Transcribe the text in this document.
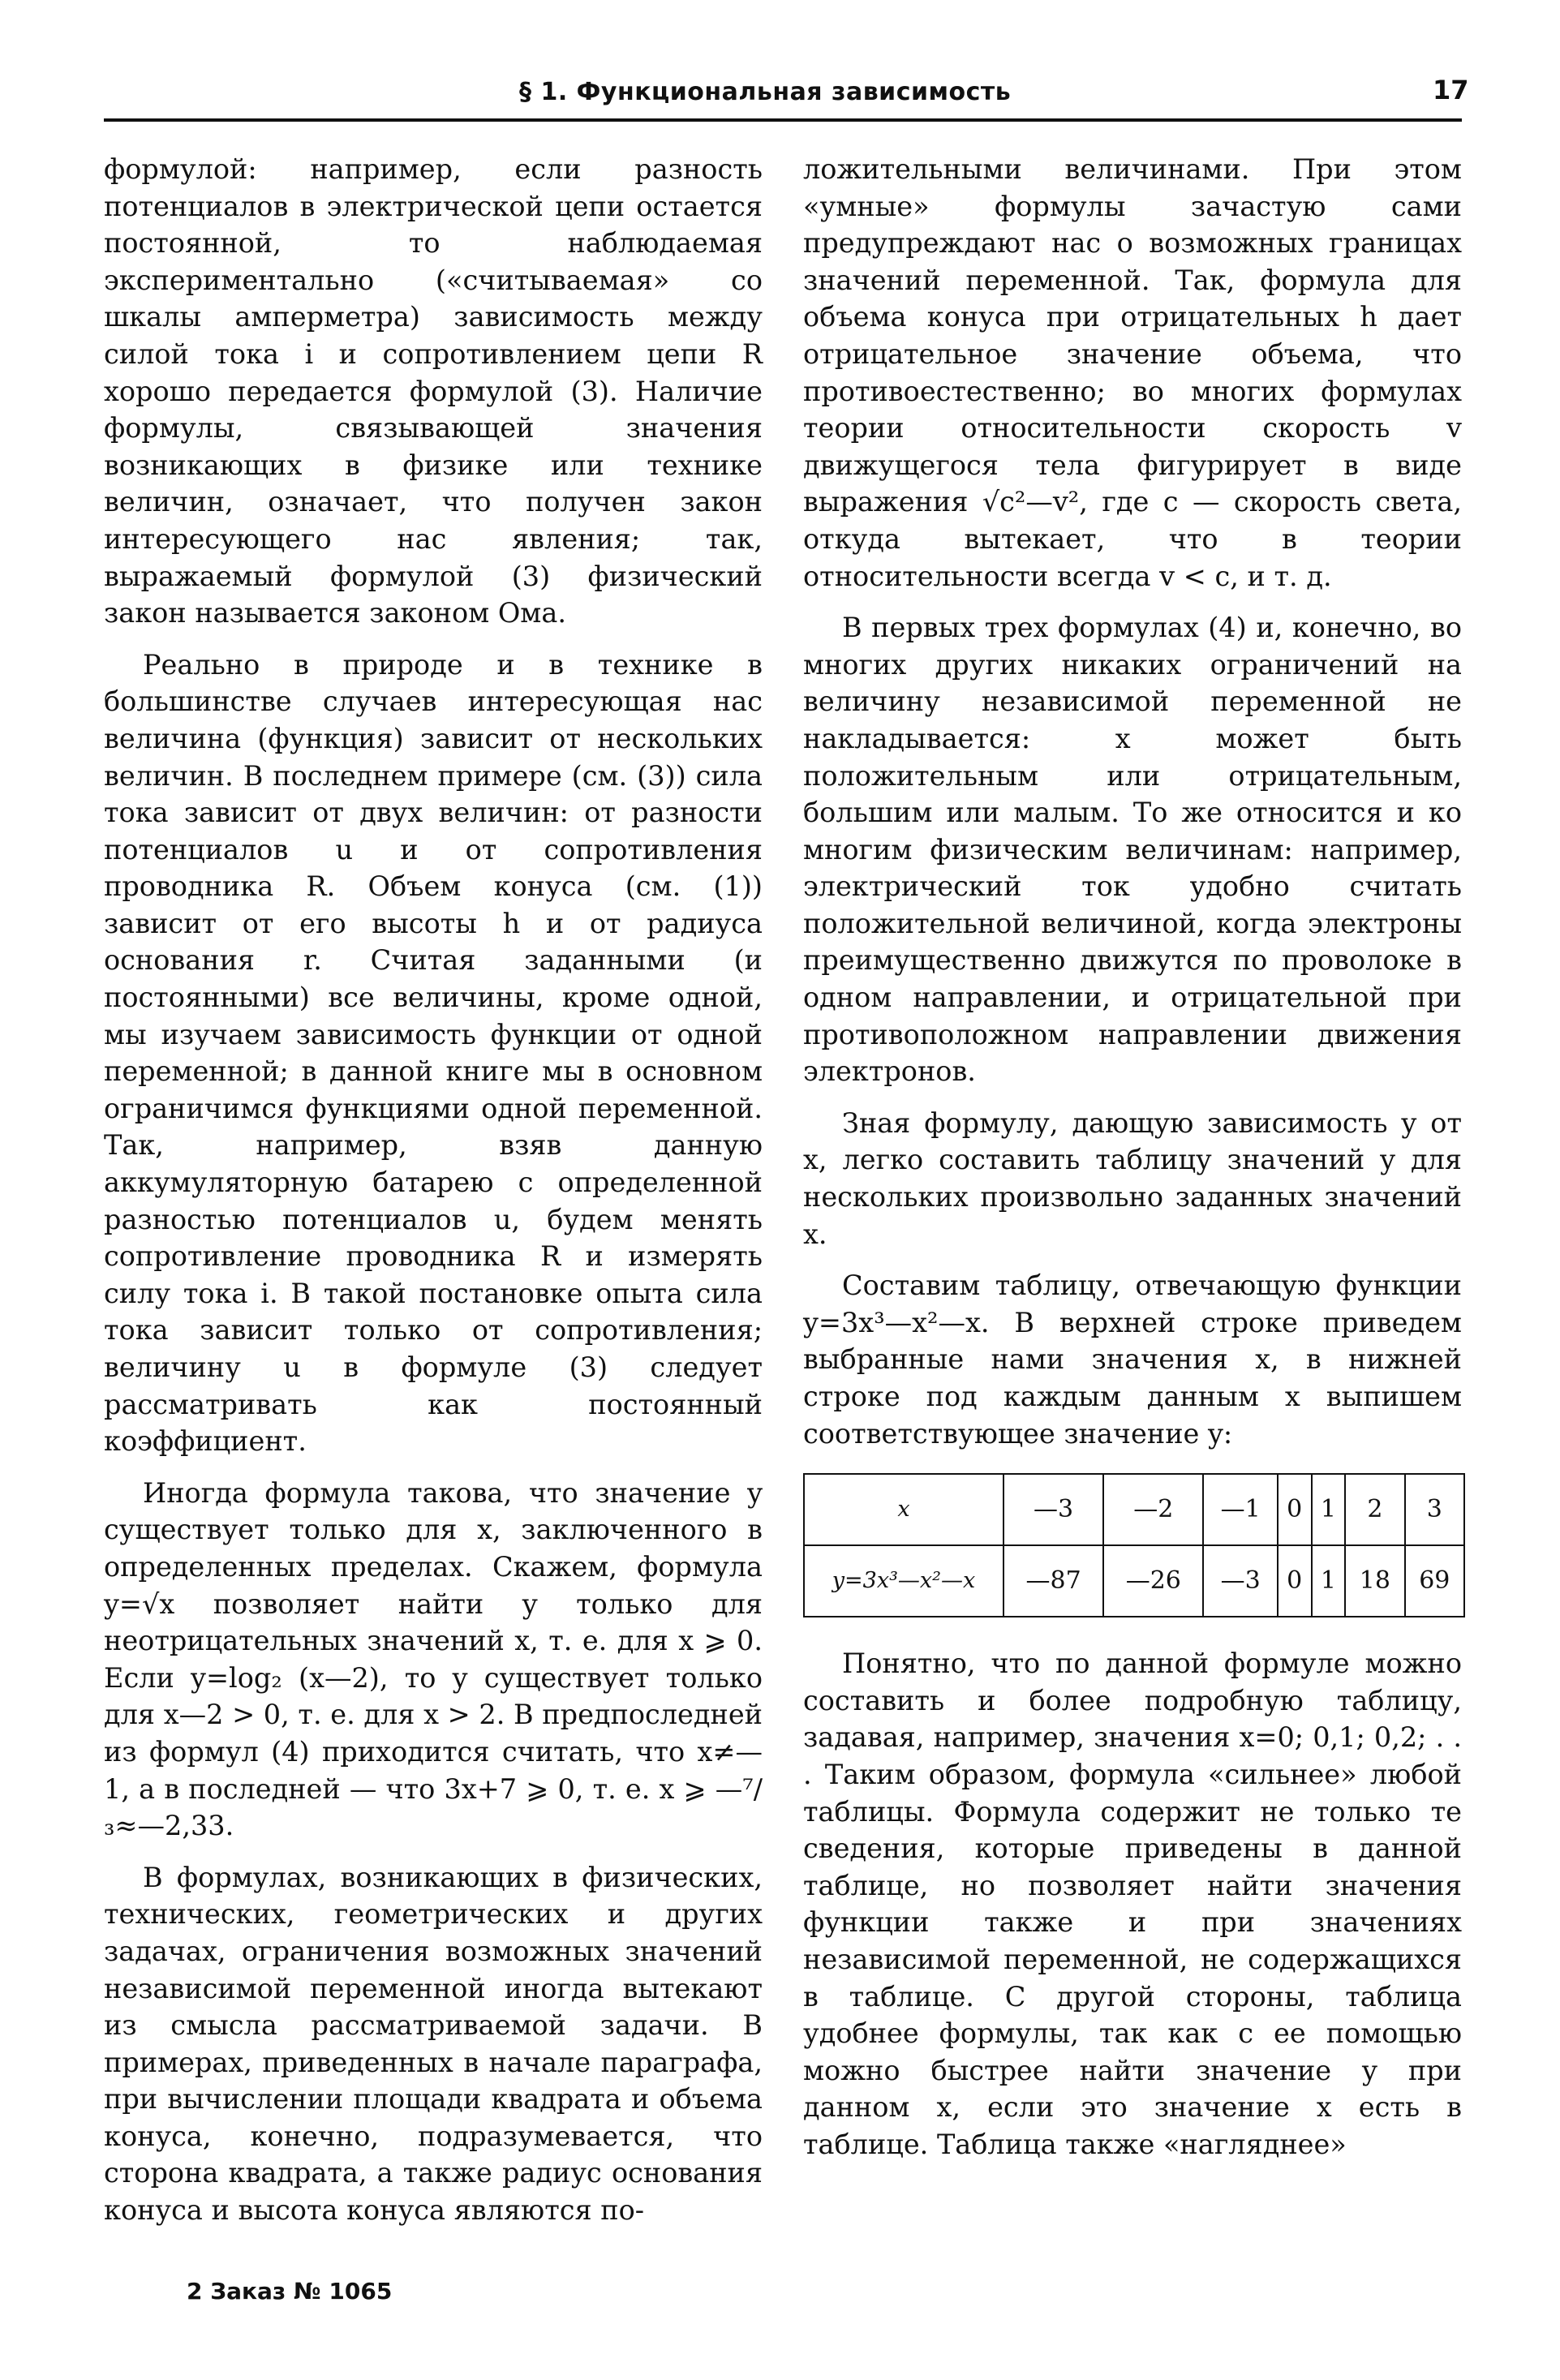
§ 1. Функциональная зависимость	17

формулой: например, если разность потенциалов в электрической цепи остается постоянной, то наблюдаемая экспериментально («считываемая» со шкалы амперметра) зависимость между силой тока i и сопротивлением цепи R хорошо передается формулой (3). Наличие формулы, связывающей значения возникающих в физике или технике величин, означает, что получен закон интересующего нас явления; так, выражаемый формулой (3) физический закон называется законом Ома.

Реально в природе и в технике в большинстве случаев интересующая нас величина (функция) зависит от нескольких величин. В последнем примере (см. (3)) сила тока зависит от двух величин: от разности потенциалов u и от сопротивления проводника R. Объем конуса (см. (1)) зависит от его высоты h и от радиуса основания r. Считая заданными (и постоянными) все величины, кроме одной, мы изучаем зависимость функции от одной переменной; в данной книге мы в основном ограничимся функциями одной переменной. Так, например, взяв данную аккумуляторную батарею с определенной разностью потенциалов u, будем менять сопротивление проводника R и измерять силу тока i. В такой постановке опыта сила тока зависит только от сопротивления; величину u в формуле (3) следует рассматривать как постоянный коэффициент.

Иногда формула такова, что значение y существует только для x, заключенного в определенных пределах. Скажем, формула y=√x позволяет найти y только для неотрицательных значений x, т. е. для x ⩾ 0. Если y=log₂ (x—2), то y существует только для x—2 > 0, т. е. для x > 2. В предпоследней из формул (4) приходится считать, что x≠—1, а в последней — что 3x+7 ⩾ 0, т. е. x ⩾ —⁷/₃≈—2,33.

В формулах, возникающих в физических, технических, геометрических и других задачах, ограничения возможных значений независимой переменной иногда вытекают из смысла рассматриваемой задачи. В примерах, приведенных в начале параграфа, при вычислении площади квадрата и объема конуса, конечно, подразумевается, что сторона квадрата, а также радиус основания конуса и высота конуса являются по-

ложительными величинами. При этом «умные» формулы зачастую сами предупреждают нас о возможных границах значений переменной. Так, формула для объема конуса при отрицательных h дает отрицательное значение объема, что противоестественно; во многих формулах теории относительности скорость v движущегося тела фигурирует в виде выражения √c²—v², где c — скорость света, откуда вытекает, что в теории относительности всегда v < c, и т. д.

В первых трех формулах (4) и, конечно, во многих других никаких ограничений на величину независимой переменной не накладывается: x может быть положительным или отрицательным, большим или малым. То же относится и ко многим физическим величинам: например, электрический ток удобно считать положительной величиной, когда электроны преимущественно движутся по проволоке в одном направлении, и отрицательной при противоположном направлении движения электронов.

Зная формулу, дающую зависимость y от x, легко составить таблицу значений y для нескольких произвольно заданных значений x.

Составим таблицу, отвечающую функции y=3x³—x²—x. В верхней строке приведем выбранные нами значения x, в нижней строке под каждым данным x выпишем соответствующее значение y:

x	—3	—2	—1	0	1	2	3
y=3x³—x²—x	—87	—26	—3	0	1	18	69

Понятно, что по данной формуле можно составить и более подробную таблицу, задавая, например, значения x=0; 0,1; 0,2; . . . Таким образом, формула «сильнее» любой таблицы. Формула содержит не только те сведения, которые приведены в данной таблице, но позволяет найти значения функции также и при значениях независимой переменной, не содержащихся в таблице. С другой стороны, таблица удобнее формулы, так как с ее помощью можно быстрее найти значение y при данном x, если это значение x есть в таблице. Таблица также «нагляднее»

2 Заказ № 1065
